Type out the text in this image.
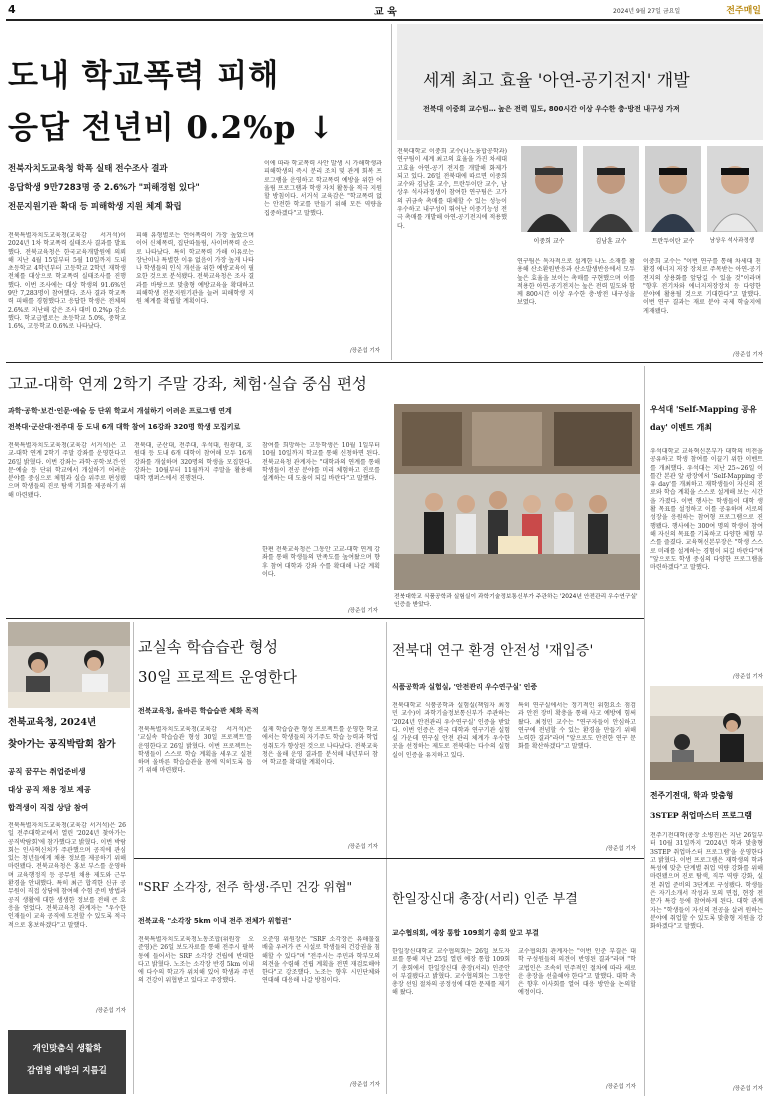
4	교 육	2024년 9월 27일 금요일	전주매일
도내 학교폭력 피해
응답 전년비 0.2%p ↓
전북자치도교육청 학폭 실태 전수조사 결과
응답학생 9만7283명 중 2.6%가 "피해경험 있다"
전문지원기관 확대 등 피해학생 지원 체계 확립
전북특별자치도교육청(교육감 서거석)이 2024년 1차 학교폭력 실태조사 결과를 발표했다. 전북교육청은 한국교육개발원에 의뢰해 지난 4월 15일부터 5월 10일까지 도내 초등학교 4학년부터 고등학교 2학년 재학생 전체를 대상으로 학교폭력 실태조사를 진행했다. 이번 조사에는 대상 학생의 91.6%인 9만 7,283명이 참여했다. 조사 결과 학교폭력 피해를 경험했다고 응답한 학생은 전체의 2.6%로 지난해 같은 조사 대비 0.2%p 감소했다. 학교급별로는 초등학교 5.0%, 중학교 1.6%, 고등학교 0.6%로 나타났다.
피해 유형별로는 언어폭력이 가장 높았으며 이어 신체폭력, 집단따돌림, 사이버폭력 순으로 나타났다. 특히 학교폭력 가해 이유로는 장난이나 특별한 이유 없음이 가장 높게 나타나 학생들의 인식 개선을 위한 예방교육이 필요한 것으로 분석됐다. 전북교육청은 조사 결과를 바탕으로 맞춤형 예방교육을 확대하고 피해학생 전문지원기관을 늘려 피해학생 지원 체계를 확립할 계획이다.
이에 따라 학교폭력 사안 발생 시 가해학생과 피해학생의 즉시 분리 조치 및 관계 회복 프로그램을 운영하고 학교폭력 예방을 위한 어울림 프로그램과 학생 자치 활동을 적극 지원할 방침이다. 서거석 교육감은 "학교폭력 없는 안전한 학교를 만들기 위해 모든 역량을 집중하겠다"고 말했다.
/장준섭 기자
세계 최고 효율 '아연-공기전지' 개발
전북대 이중희 교수팀… 높은 전력 밀도, 800시간 이상 우수한 충·방전 내구성 가져
전북대학교 이중희 교수(나노융합공학과) 연구팀이 세계 최고의 효율을 가진 차세대 고효율 아연-공기 전지를 개발해 화제가 되고 있다. 26일 전북대에 따르면 이중희 교수와 김남훈 교수, 트란두이탄 교수, 남상우 석사과정생이 참여한 연구팀은 고가의 귀금속 촉매를 대체할 수 있는 성능이 우수하고 내구성이 뛰어난 이중기능성 전극 촉매를 개발해 아연-공기전지에 적용했다.
이중희 교수	김남훈 교수	트란두이탄 교수	남상우 석사과정생
연구팀은 독자적으로 설계한 나노 소재를 활용해 산소환원반응과 산소발생반응에서 모두 높은 효율을 보이는 촉매를 구현했으며 이를 적용한 아연-공기전지는 높은 전력 밀도와 함께 800시간 이상 우수한 충·방전 내구성을 보였다.
이중희 교수는 "이번 연구를 통해 차세대 친환경 에너지 저장 장치로 주목받는 아연-공기전지의 상용화를 앞당길 수 있을 것"이라며 "향후 전기차와 에너지저장장치 등 다양한 분야에 활용될 것으로 기대한다"고 말했다. 이번 연구 결과는 재료 분야 국제 학술지에 게재됐다.
/장준섭 기자
고교-대학 연계 2학기 주말 강좌, 체험·실습 중심 편성
과학·공학·보건·인문·예술 등 단위 학교서 개설하기 어려운 프로그램 연계
전북대·군산대·전주대 등 도내 6개 대학 참여 16강좌 320명 학생 모집키로
전북특별자치도교육청(교육감 서거석)은 고교-대학 연계 2학기 주말 강좌를 운영한다고 26일 밝혔다. 이번 강좌는 과학·공학·보건·인문·예술 등 단위 학교에서 개설하기 어려운 분야를 중심으로 체험과 실습 위주로 편성됐으며 학생들의 진로 탐색 기회를 제공하기 위해 마련됐다.
전북대, 군산대, 전주대, 우석대, 원광대, 호원대 등 도내 6개 대학이 참여해 모두 16개 강좌를 개설하며 320명의 학생을 모집한다. 강좌는 10월부터 11월까지 주말을 활용해 대학 캠퍼스에서 진행된다.
참여를 희망하는 고등학생은 10월 1일부터 10월 10일까지 학교를 통해 신청하면 된다. 전북교육청 관계자는 "대학과의 연계를 통해 학생들이 전공 분야를 미리 체험하고 진로를 설계하는 데 도움이 되길 바란다"고 말했다.
한편 전북교육청은 그동안 고교-대학 연계 강좌를 통해 학생들의 만족도를 높여왔으며 향후 참여 대학과 강좌 수를 확대해 나갈 계획이다.
/장준섭 기자
전북대학교 식품공학과 실험실이 과학기술정보통신부가 주관하는 '2024년 안전관리 우수연구실' 인증을 받았다.
우석대 'Self-Mapping 공유 day' 이벤트 개최
우석대학교 교육혁신본부가 대학의 비전을 공유하고 학생 참여를 이끌기 위한 이벤트를 개최했다. 우석대는 지난 25~26일 이틀간 본관 앞 광장에서 'Self-Mapping 공유 day'를 개최하고 재학생들이 자신의 진로와 학습 계획을 스스로 설계해 보는 시간을 가졌다. 이번 행사는 학생들이 대학 생활 목표를 설정하고 이를 공유하며 서로의 성장을 응원하는 참여형 프로그램으로 진행됐다. 행사에는 300여 명의 학생이 참여해 자신의 목표를 기록하고 다양한 체험 부스를 즐겼다. 교육혁신본부장은 "학생 스스로 미래를 설계하는 경험이 되길 바란다"며 "앞으로도 학생 중심의 다양한 프로그램을 마련하겠다"고 말했다.
/장준섭 기자
전북교육청, 2024년
찾아가는 공직박람회 참가
공직 꿈꾸는 취업준비생
대상 공직 채용 정보 제공
합격생이 직접 상담 참여
전북특별자치도교육청(교육감 서거석)은 26일 전주대학교에서 열린 '2024년 찾아가는 공직박람회'에 참가했다고 밝혔다. 이번 박람회는 인사혁신처가 주관했으며 공직에 관심 있는 청년들에게 채용 정보를 제공하기 위해 마련됐다. 전북교육청은 홍보 부스를 운영하며 교육행정직 등 공무원 채용 제도와 근무 환경을 안내했다. 특히 최근 합격한 신규 공무원이 직접 상담에 참여해 수험 준비 방법과 공직 생활에 대한 생생한 정보를 전해 큰 호응을 얻었다. 전북교육청 관계자는 "우수한 인재들이 교육 공직에 도전할 수 있도록 적극적으로 홍보하겠다"고 말했다.
/장준섭 기자
개인맞춤식 생활화
감염병 예방의 지름길
교실속 학습습관 형성
30일 프로젝트 운영한다
전북교육청, 올바른 학습습관 체화 목적
전북특별자치도교육청(교육감 서거석)은 '교실속 학습습관 형성 30일 프로젝트'를 운영한다고 26일 밝혔다. 이번 프로젝트는 학생들이 스스로 학습 계획을 세우고 실천하며 올바른 학습습관을 몸에 익히도록 돕기 위해 마련됐다.
실제 학습습관 형성 프로젝트를 운영한 학교에서는 학생들의 자기주도 학습 능력과 학업 성취도가 향상된 것으로 나타났다. 전북교육청은 올해 운영 결과를 분석해 내년부터 참여 학교를 확대할 계획이다.
/장준섭 기자
전북대 연구 환경 안전성 '재입증'
식품공학과 실험실, '안전관리 우수연구실' 인증
전북대학교 식품공학과 실험실(책임자 최정민 교수)이 과학기술정보통신부가 주관하는 '2024년 안전관리 우수연구실' 인증을 받았다. 이번 인증은 전국 대학과 연구기관 실험실 가운데 연구실 안전 관리 체계가 우수한 곳을 선정하는 제도로 전북대는 다수의 실험실이 인증을 유지하고 있다.
특히 연구실에서는 정기적인 위험요소 점검과 안전 장비 확충을 통해 사고 예방에 힘써왔다. 최정민 교수는 "연구자들이 안심하고 연구에 전념할 수 있는 환경을 만들기 위해 노력한 결과"라며 "앞으로도 안전한 연구 문화를 확산하겠다"고 말했다.
/장준섭 기자
전주기전대, 학과 맞춤형
3STEP 취업마스터 프로그램
전주기전대학(총장 소병진)은 지난 26일부터 10월 31일까지 '2024년 학과 맞춤형 3STEP 취업마스터 프로그램'을 운영한다고 밝혔다. 이번 프로그램은 재학생의 학과 특성에 맞춘 단계별 취업 역량 강화를 위해 마련됐으며 진로 탐색, 직무 역량 강화, 실전 취업 준비의 3단계로 구성됐다. 학생들은 자기소개서 작성과 모의 면접, 현장 전문가 특강 등에 참여하게 된다. 대학 관계자는 "학생들이 자신의 전공을 살려 원하는 분야에 취업할 수 있도록 맞춤형 지원을 강화하겠다"고 말했다.
/장준섭 기자
"SRF 소각장, 전주 학생·주민 건강 위협"
전북교육 "소각장 5km 이내 전주 전체가 위험권"
전북특별자치도교육청노동조합(위원장 오준영)은 26일 보도자료를 통해 전주시 팔복동에 들어서는 SRF 소각장 건립에 반대한다고 밝혔다. 노조는 소각장 반경 5km 이내에 다수의 학교가 위치해 있어 학생과 주민의 건강이 위협받고 있다고 주장했다.
오준영 위원장은 "SRF 소각장은 유해물질 배출 우려가 큰 시설로 학생들의 건강권을 침해할 수 있다"며 "전주시는 주민과 학부모의 의견을 수렴해 건립 계획을 전면 재검토해야 한다"고 강조했다. 노조는 향후 시민단체와 연대해 대응해 나갈 방침이다.
/장준섭 기자
한일장신대 총장(서리) 인준 부결
교수협의회, 예장 통합 109회기 총회 앞고 부결
한일장신대학교 교수협의회는 26일 보도자료를 통해 지난 25일 열린 예장 통합 109회기 총회에서 한일장신대 총장(서리) 인준안이 부결됐다고 밝혔다. 교수협의회는 그동안 총장 선임 절차의 공정성에 대한 문제를 제기해 왔다.
교수협의회 관계자는 "이번 인준 부결은 대학 구성원들의 의견이 반영된 결과"라며 "학교법인은 조속히 민주적인 절차에 따라 새로운 총장을 선출해야 한다"고 말했다. 대학 측은 향후 이사회를 열어 대응 방안을 논의할 예정이다.
/장준섭 기자
